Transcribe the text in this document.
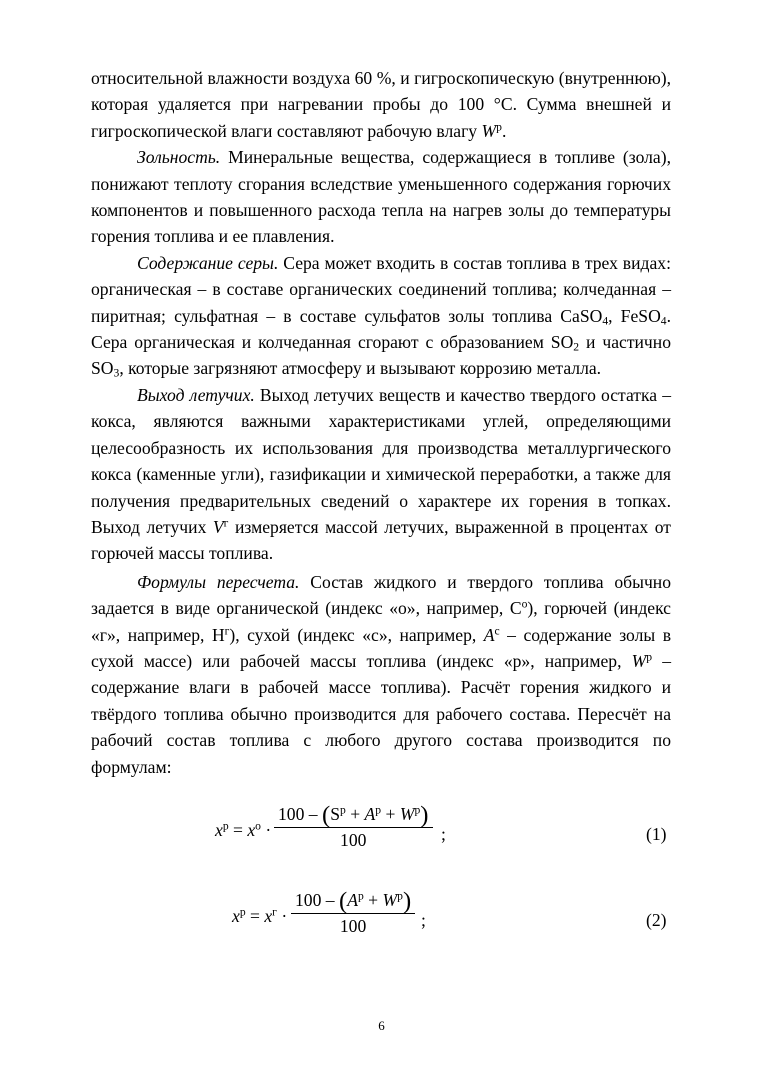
относительной влажности воздуха 60 %, и гигроскопическую (внутреннюю), которая удаляется при нагревании пробы до 100 °С. Сумма внешней и гигроскопической влаги составляют рабочую влагу $W^р$.

Зольность. Минеральные вещества, содержащиеся в топливе (зола), понижают теплоту сгорания вследствие уменьшенного содержания горючих компонентов и повышенного расхода тепла на нагрев золы до температуры горения топлива и ее плавления.

Содержание серы. Сера может входить в состав топлива в трех видах: органическая – в составе органических соединений топлива; колчеданная – пиритная; сульфатная – в составе сульфатов золы топлива CaSO$_4$, FeSO$_4$. Сера органическая и колчеданная сгорают с образованием $SO_2$ и частично $SO_3$, которые загрязняют атмосферу и вызывают коррозию металла.

Выход летучих. Выход летучих веществ и качество твердого остатка – кокса, являются важными характеристиками углей, определяющими целесообразность их использования для производства металлургического кокса (каменные угли), газификации и химической переработки, а также для получения предварительных сведений о характере их горения в топках. Выход летучих $V^г$ измеряется массой летучих, выраженной в процентах от горючей массы топлива.

Формулы пересчета. Состав жидкого и твердого топлива обычно задается в виде органической (индекс «о», например, $С^о$), горючей (индекс «г», например, $Н^г$), сухой (индекс «с», например, $A^с$ – содержание золы в сухой массе) или рабочей массы топлива (индекс «р», например, $W^р$ – содержание влаги в рабочей массе топлива). Расчёт горения жидкого и твёрдого топлива обычно производится для рабочего состава. Пересчёт на рабочий состав топлива с любого другого состава производится по формулам:

$x^р = x^о$ ·
$100 - (S^р + A^р + W^р)$
100	;	(1)
$x^р = x^г$ ·
$100 - (A^р + W^р)$
100	;	(2)
6
